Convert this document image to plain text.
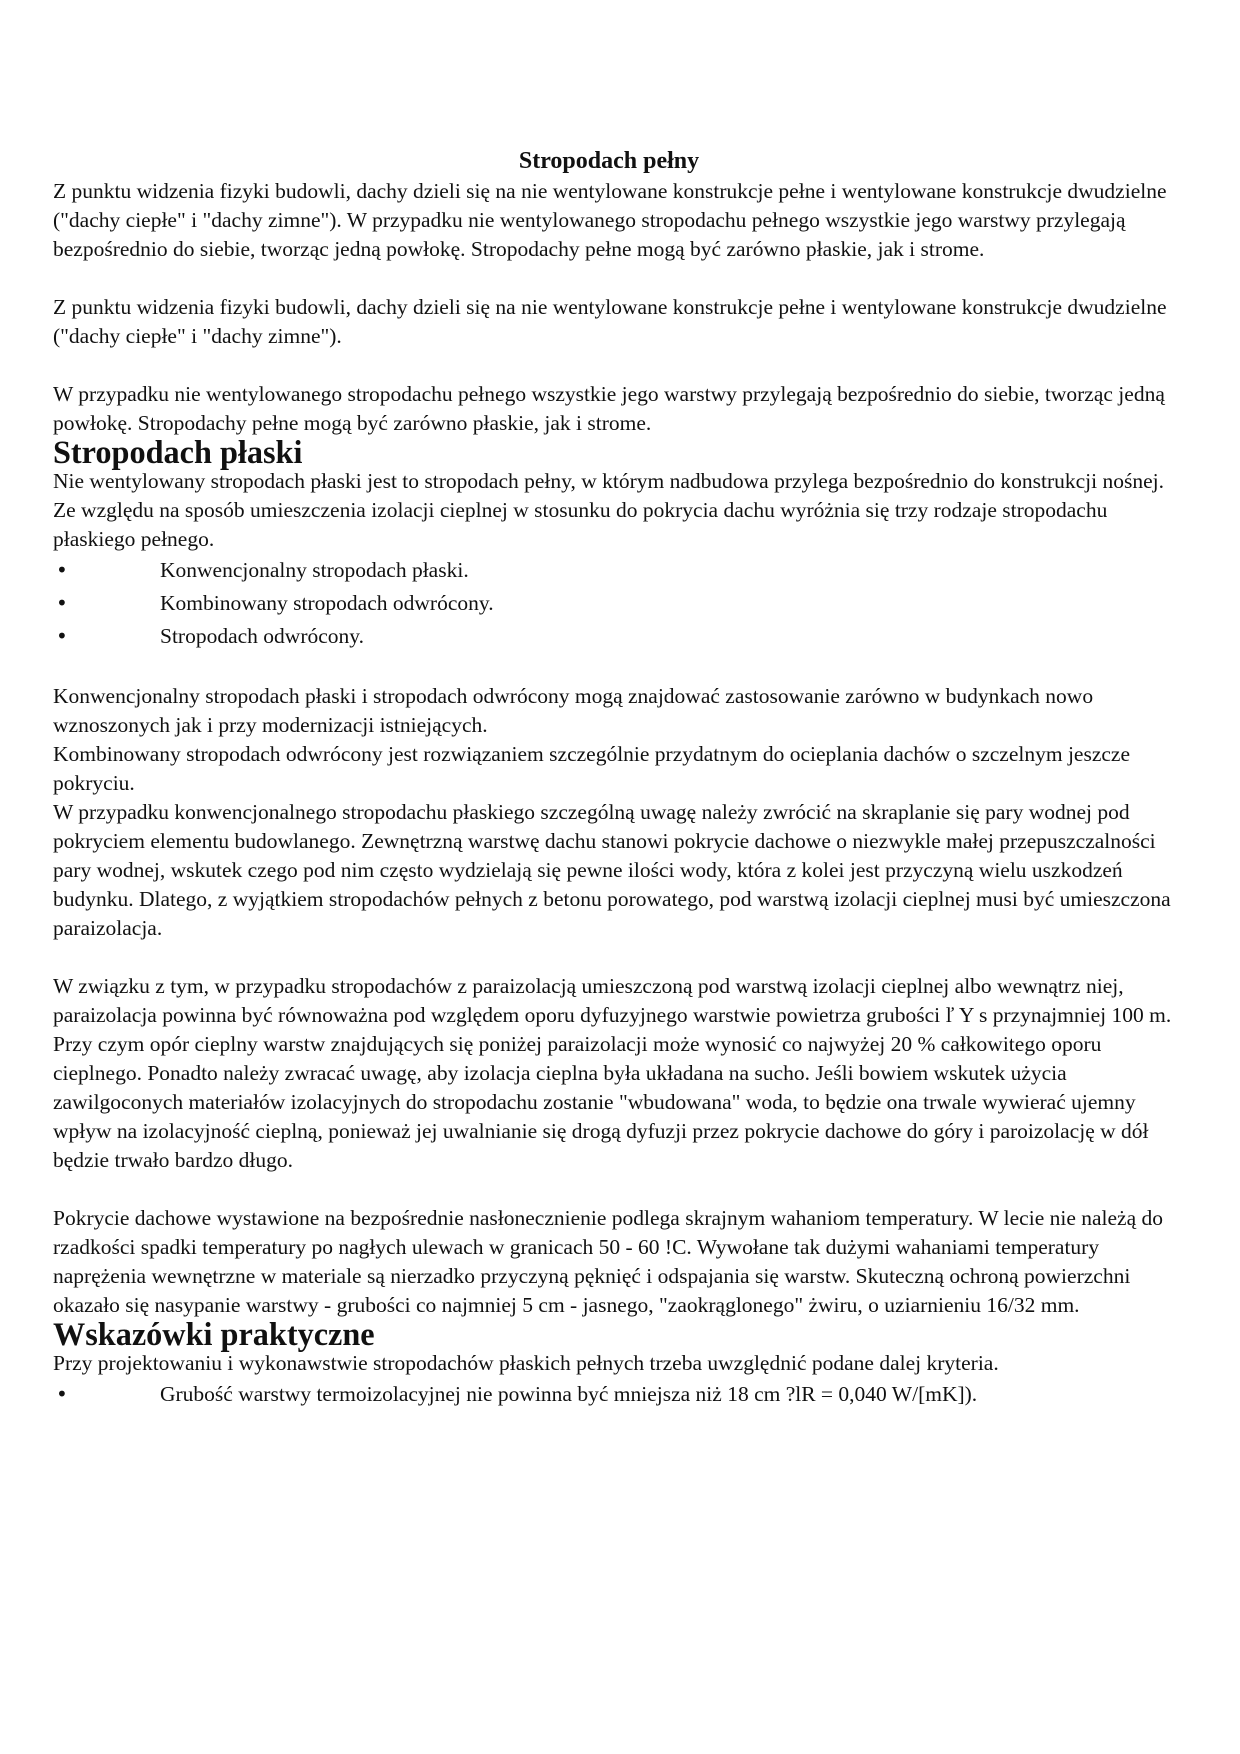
Stropodach pełny

Z punktu widzenia fizyki budowli, dachy dzieli się na nie wentylowane konstrukcje pełne i wentylowane konstrukcje dwudzielne ("dachy ciepłe" i "dachy zimne"). W przypadku nie wentylowanego stropodachu pełnego wszystkie jego warstwy przylegają bezpośrednio do siebie, tworząc jedną powłokę. Stropodachy pełne mogą być zarówno płaskie, jak i strome.

Z punktu widzenia fizyki budowli, dachy dzieli się na nie wentylowane konstrukcje pełne i wentylowane konstrukcje dwudzielne ("dachy ciepłe" i "dachy zimne").

W przypadku nie wentylowanego stropodachu pełnego wszystkie jego warstwy przylegają bezpośrednio do siebie, tworząc jedną powłokę. Stropodachy pełne mogą być zarówno płaskie, jak i strome.

Stropodach płaski

Nie wentylowany stropodach płaski jest to stropodach pełny, w którym nadbudowa przylega bezpośrednio do konstrukcji nośnej. Ze względu na sposób umieszczenia izolacji cieplnej w stosunku do pokrycia dachu wyróżnia się trzy rodzaje stropodachu płaskiego pełnego.

•	Konwencjonalny stropodach płaski.
•	Kombinowany stropodach odwrócony.
•	Stropodach odwrócony.

Konwencjonalny stropodach płaski i stropodach odwrócony mogą znajdować zastosowanie zarówno w budynkach nowo wznoszonych jak i przy modernizacji istniejących.

Kombinowany stropodach odwrócony jest rozwiązaniem szczególnie przydatnym do ocieplania dachów o szczelnym jeszcze pokryciu.

W przypadku konwencjonalnego stropodachu płaskiego szczególną uwagę należy zwrócić na skraplanie się pary wodnej pod pokryciem elementu budowlanego. Zewnętrzną warstwę dachu stanowi pokrycie dachowe o niezwykle małej przepuszczalności pary wodnej, wskutek czego pod nim często wydzielają się pewne ilości wody, która z kolei jest przyczyną wielu uszkodzeń budynku. Dlatego, z wyjątkiem stropodachów pełnych z betonu porowatego, pod warstwą izolacji cieplnej musi być umieszczona paraizolacja.

W związku z tym, w przypadku stropodachów z paraizolacją umieszczoną pod warstwą izolacji cieplnej albo wewnątrz niej, paraizolacja powinna być równoważna pod względem oporu dyfuzyjnego warstwie powietrza grubości ľ Y s przynajmniej 100 m. Przy czym opór cieplny warstw znajdujących się poniżej paraizolacji może wynosić co najwyżej 20 % całkowitego oporu cieplnego. Ponadto należy zwracać uwagę, aby izolacja cieplna była układana na sucho. Jeśli bowiem wskutek użycia zawilgoconych materiałów izolacyjnych do stropodachu zostanie "wbudowana" woda, to będzie ona trwale wywierać ujemny wpływ na izolacyjność cieplną, ponieważ jej uwalnianie się drogą dyfuzji przez pokrycie dachowe do góry i paroizolację w dół będzie trwało bardzo długo.

Pokrycie dachowe wystawione na bezpośrednie nasłonecznienie podlega skrajnym wahaniom temperatury. W lecie nie należą do rzadkości spadki temperatury po nagłych ulewach w granicach 50 - 60 !C. Wywołane tak dużymi wahaniami temperatury naprężenia wewnętrzne w materiale są nierzadko przyczyną pęknięć i odspajania się warstw. Skuteczną ochroną powierzchni okazało się nasypanie warstwy - grubości co najmniej 5 cm - jasnego, "zaokrąglonego" żwiru, o uziarnieniu 16/32 mm.

Wskazówki praktyczne

Przy projektowaniu i wykonawstwie stropodachów płaskich pełnych trzeba uwzględnić podane dalej kryteria.

•	Grubość warstwy termoizolacyjnej nie powinna być mniejsza niż 18 cm ?lR = 0,040 W/[mK]).
